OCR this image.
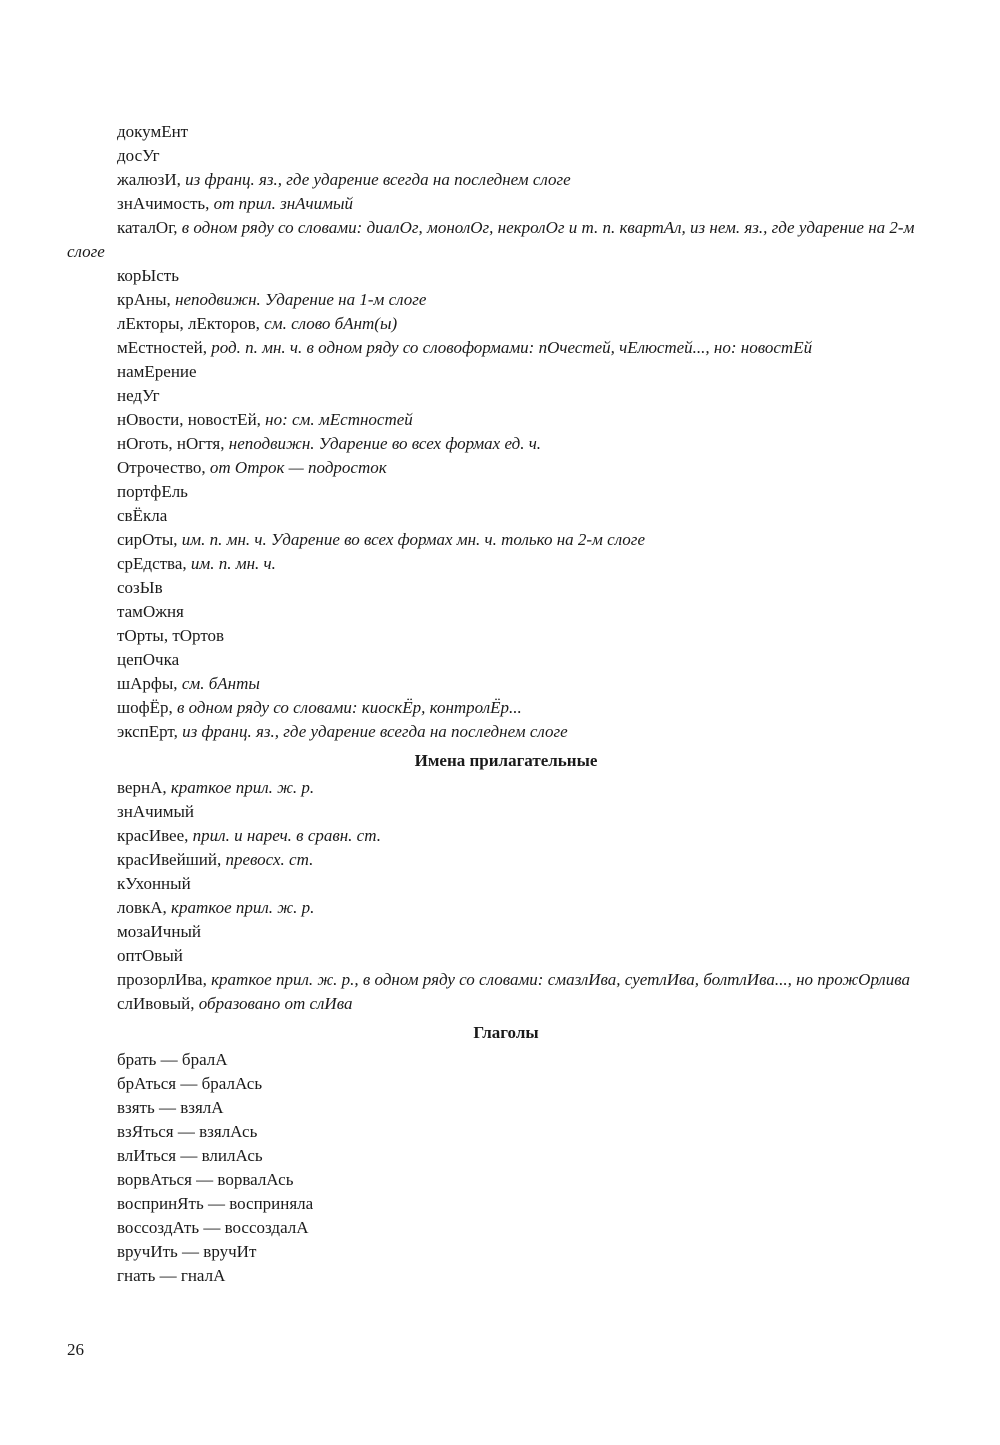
докумЕнт
досУг
жалюзИ, из франц. яз., где ударение всегда на последнем слоге
знАчимость, от прил. знАчимый
каталОг, в одном ряду со словами: диалОг, монолОг, некролОг и т. п. квартАл, из нем. яз., где ударение на 2-м слоге
корЫсть
крАны, неподвижн. Ударение на 1-м слоге
лЕкторы, лЕкторов, см. слово бАнт(ы)
мЕстностей, род. п. мн. ч. в одном ряду со словоформами: пОчестей, чЕлюстей..., но: новостЕй
намЕрение
недУг
нОвости, новостЕй, но: см. мЕстностей
нОготь, нОгтя, неподвижн. Ударение во всех формах ед. ч.
Отрочество, от Отрок — подросток
портфЕль
свЁкла
сирОты, им. п. мн. ч. Ударение во всех формах мн. ч. только на 2-м слоге
срЕдства, им. п. мн. ч.
созЫв
тамОжня
тОрты, тОртов
цепОчка
шАрфы, см. бАнты
шофЁр, в одном ряду со словами: киоскЁр, контролЁр...
экспЕрт, из франц. яз., где ударение всегда на последнем слоге
Имена прилагательные
вернА, краткое прил. ж. р.
знАчимый
красИвее, прил. и нареч. в сравн. ст.
красИвейший, превосх. ст.
кУхонный
ловкА, краткое прил. ж. р.
мозаИчный
оптОвый
прозорлИва, краткое прил. ж. р., в одном ряду со словами: смазлИва, суетлИва, болтлИва..., но прожОрлива
слИвовый, образовано от слИва
Глаголы
брать — бралА
брАться — бралАсь
взять — взялА
взЯться — взялАсь
влИться — влилАсь
ворвАться — ворвалАсь
воспринЯть — восприняла
воссоздАть — воссоздалА
вручИть — вручИт
гнать — гналА
26
